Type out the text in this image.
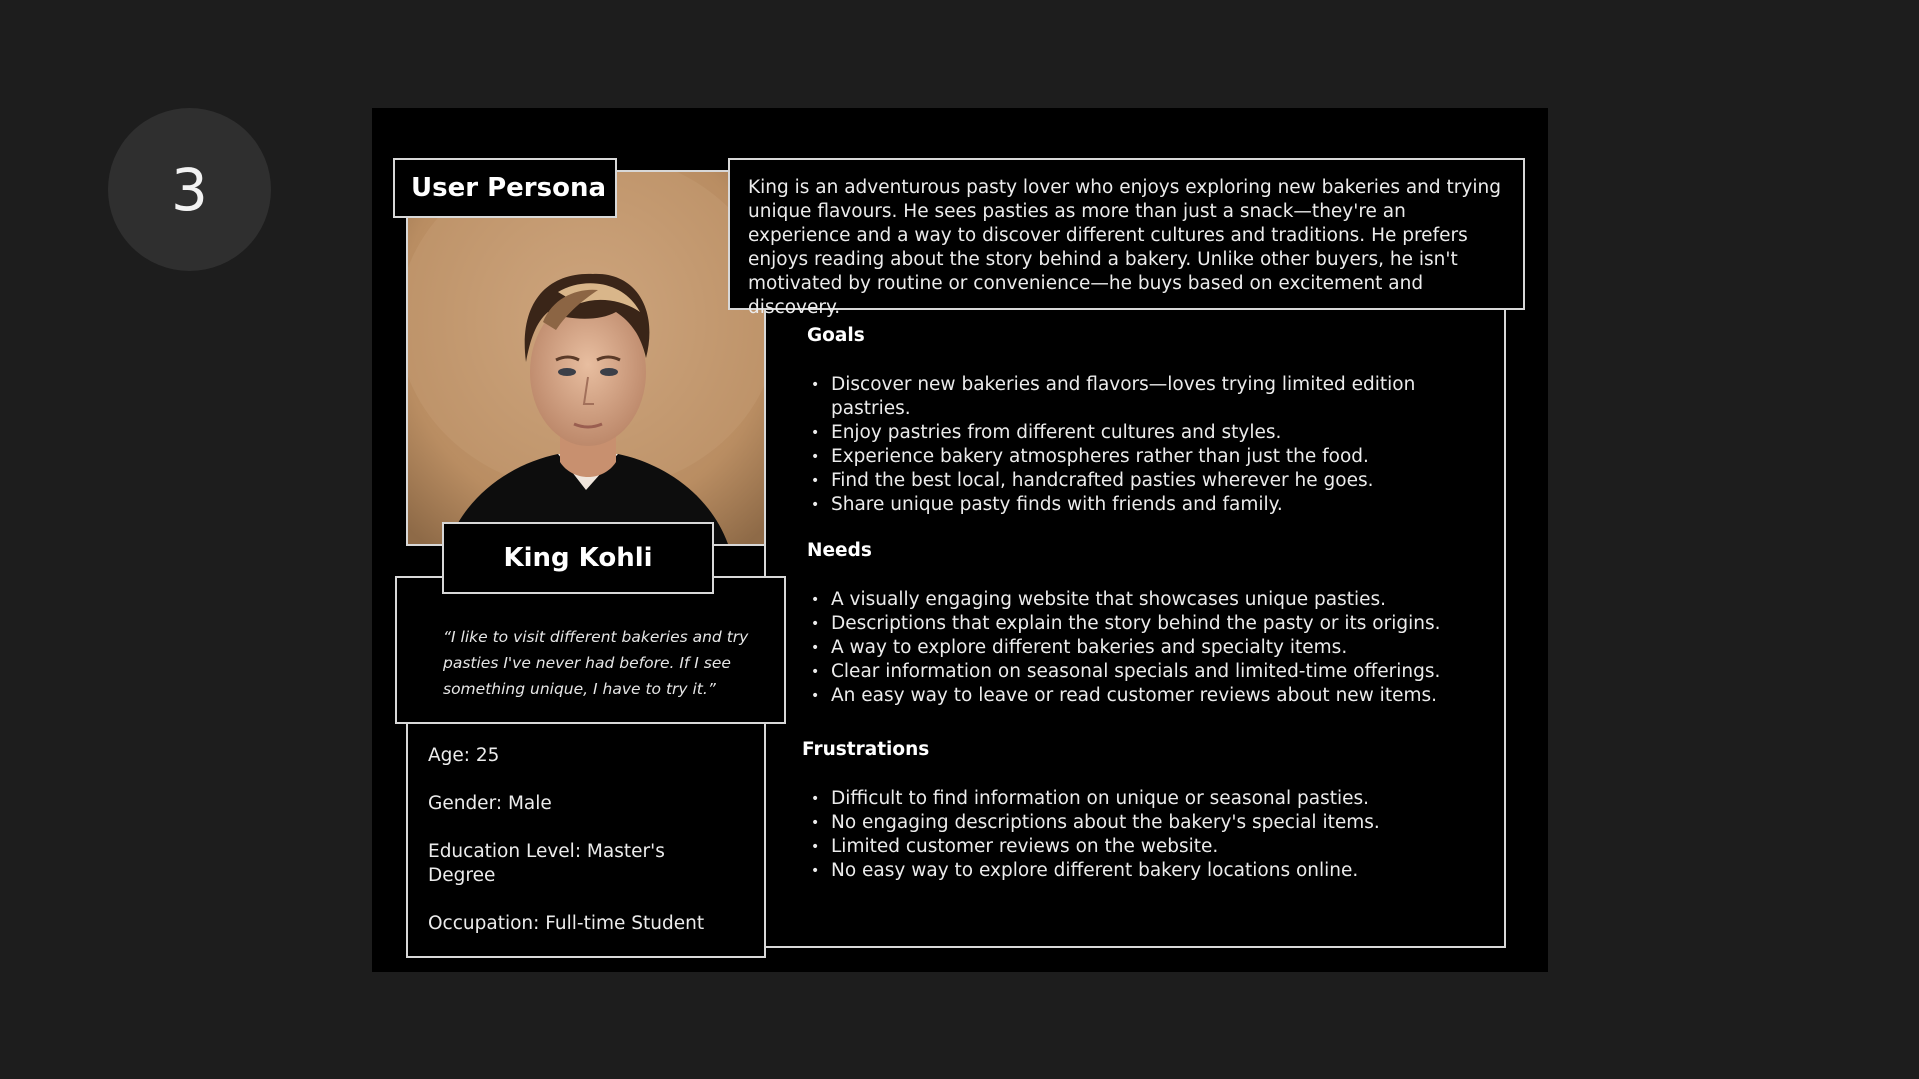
3	User Persona	King is an adventurous pasty lover who enjoys exploring new bakeries and trying unique flavours. He sees pasties as more than just a snack—they're an experience and a way to discover different cultures and traditions. He prefers enjoys reading about the story behind a bakery. Unlike other buyers, he isn't motivated by routine or convenience—he buys based on excitement and discovery.
“I like to visit different bakeries and try pasties I've never had before. If I see something unique, I have to try it.”
King Kohli

Age: 25

Gender: Male

Education Level: Master's Degree

Occupation: Full-time Student

Goals
• Discover new bakeries and flavors—loves trying limited edition pastries.
• Enjoy pastries from different cultures and styles.
• Experience bakery atmospheres rather than just the food.
• Find the best local, handcrafted pasties wherever he goes.
• Share unique pasty finds with friends and family.
Needs
• A visually engaging website that showcases unique pasties.
• Descriptions that explain the story behind the pasty or its origins.
• A way to explore different bakeries and specialty items.
• Clear information on seasonal specials and limited-time offerings.
• An easy way to leave or read customer reviews about new items.
Frustrations
• Difficult to find information on unique or seasonal pasties.
• No engaging descriptions about the bakery's special items.
• Limited customer reviews on the website.
• No easy way to explore different bakery locations online.
